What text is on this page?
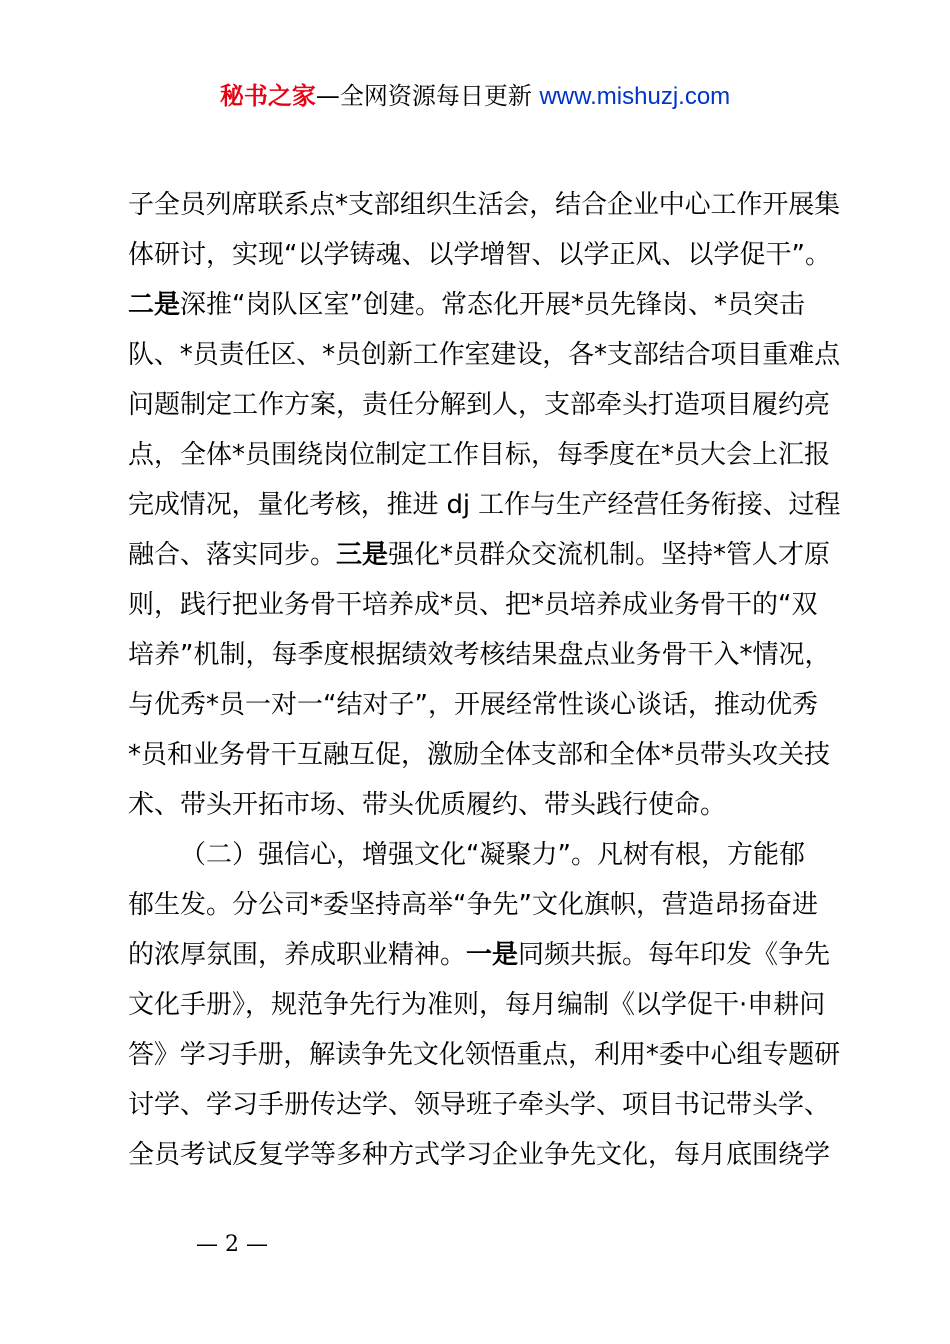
秘书之家—全网资源每日更新 www.mishuzj.com
子全员列席联系点*支部组织生活会，结合企业中心工作开展集
体研讨，实现“以学铸魂、以学增智、以学正风、以学促干”。
二是深推“岗队区室”创建。常态化开展*员先锋岗、*员突击
队、*员责任区、*员创新工作室建设，各*支部结合项目重难点
问题制定工作方案，责任分解到人，支部牵头打造项目履约亮
点，全体*员围绕岗位制定工作目标，每季度在*员大会上汇报
完成情况，量化考核，推进 dj 工作与生产经营任务衔接、过程
融合、落实同步。三是强化*员群众交流机制。坚持*管人才原
则，践行把业务骨干培养成*员、把*员培养成业务骨干的“双
培养”机制，每季度根据绩效考核结果盘点业务骨干入*情况，
与优秀*员一对一“结对子”，开展经常性谈心谈话，推动优秀
*员和业务骨干互融互促，激励全体支部和全体*员带头攻关技
术、带头开拓市场、带头优质履约、带头践行使命。
（二）强信心，增强文化“凝聚力”。凡树有根，方能郁
郁生发。分公司*委坚持高举“争先”文化旗帜，营造昂扬奋进
的浓厚氛围，养成职业精神。一是同频共振。每年印发《争先
文化手册》，规范争先行为准则，每月编制《以学促干·申耕问
答》学习手册，解读争先文化领悟重点，利用*委中心组专题研
讨学、学习手册传达学、领导班子牵头学、项目书记带头学、
全员考试反复学等多种方式学习企业争先文化，每月底围绕学
— 2 —
